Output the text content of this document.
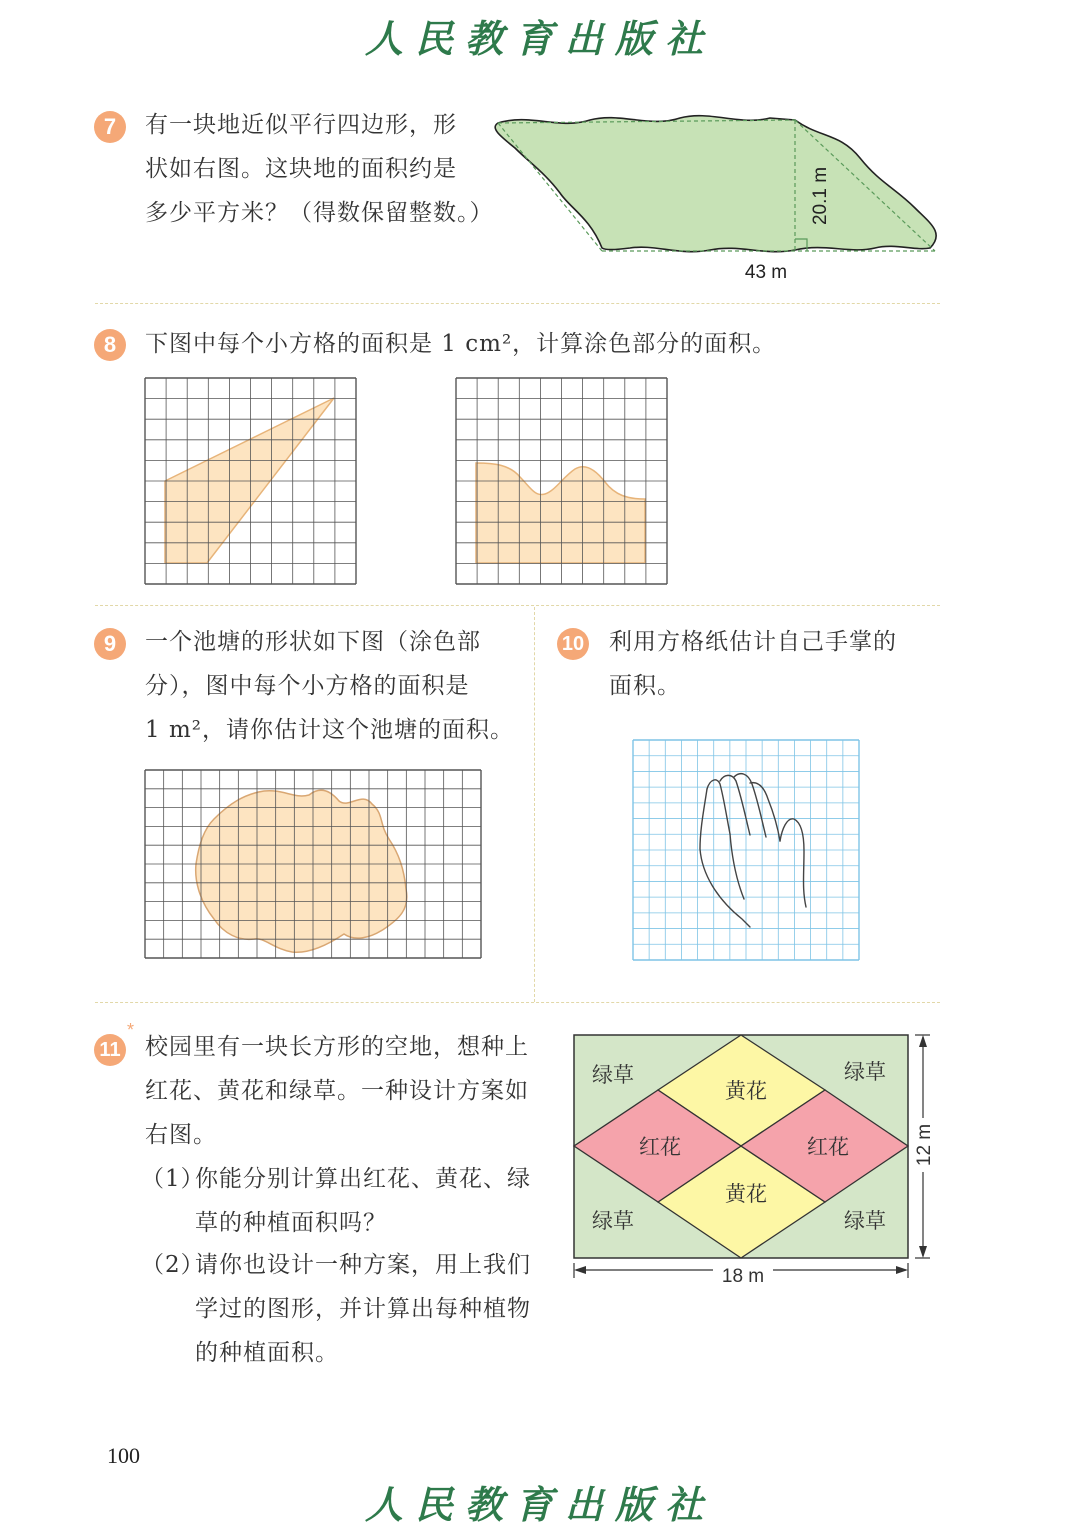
人民教育出版社
7	有一块地近似平行四边形，形
状如右图。这块地的面积约是
多少平方米？（得数保留整数。）	20.1 m
43 m
8	下图中每个小方格的面积是 1 cm²，计算涂色部分的面积。
9	一个池塘的形状如下图（涂色部
分），图中每个小方格的面积是
1 m²，请你估计这个池塘的面积。
10 利用方格纸估计自己手掌的
面积。
11
*
校园里有一块长方形的空地，想种上
红花、黄花和绿草。一种设计方案如
右图。
（1）
你能分别计算出红花、黄花、绿
草的种植面积吗？
（2）
请你也设计一种方案，用上我们
学过的图形，并计算出每种植物
的种植面积。
绿草	绿草
绿草	绿草
黄花
黄花
红花	红花
18 m
12 m
100
人民教育出版社
